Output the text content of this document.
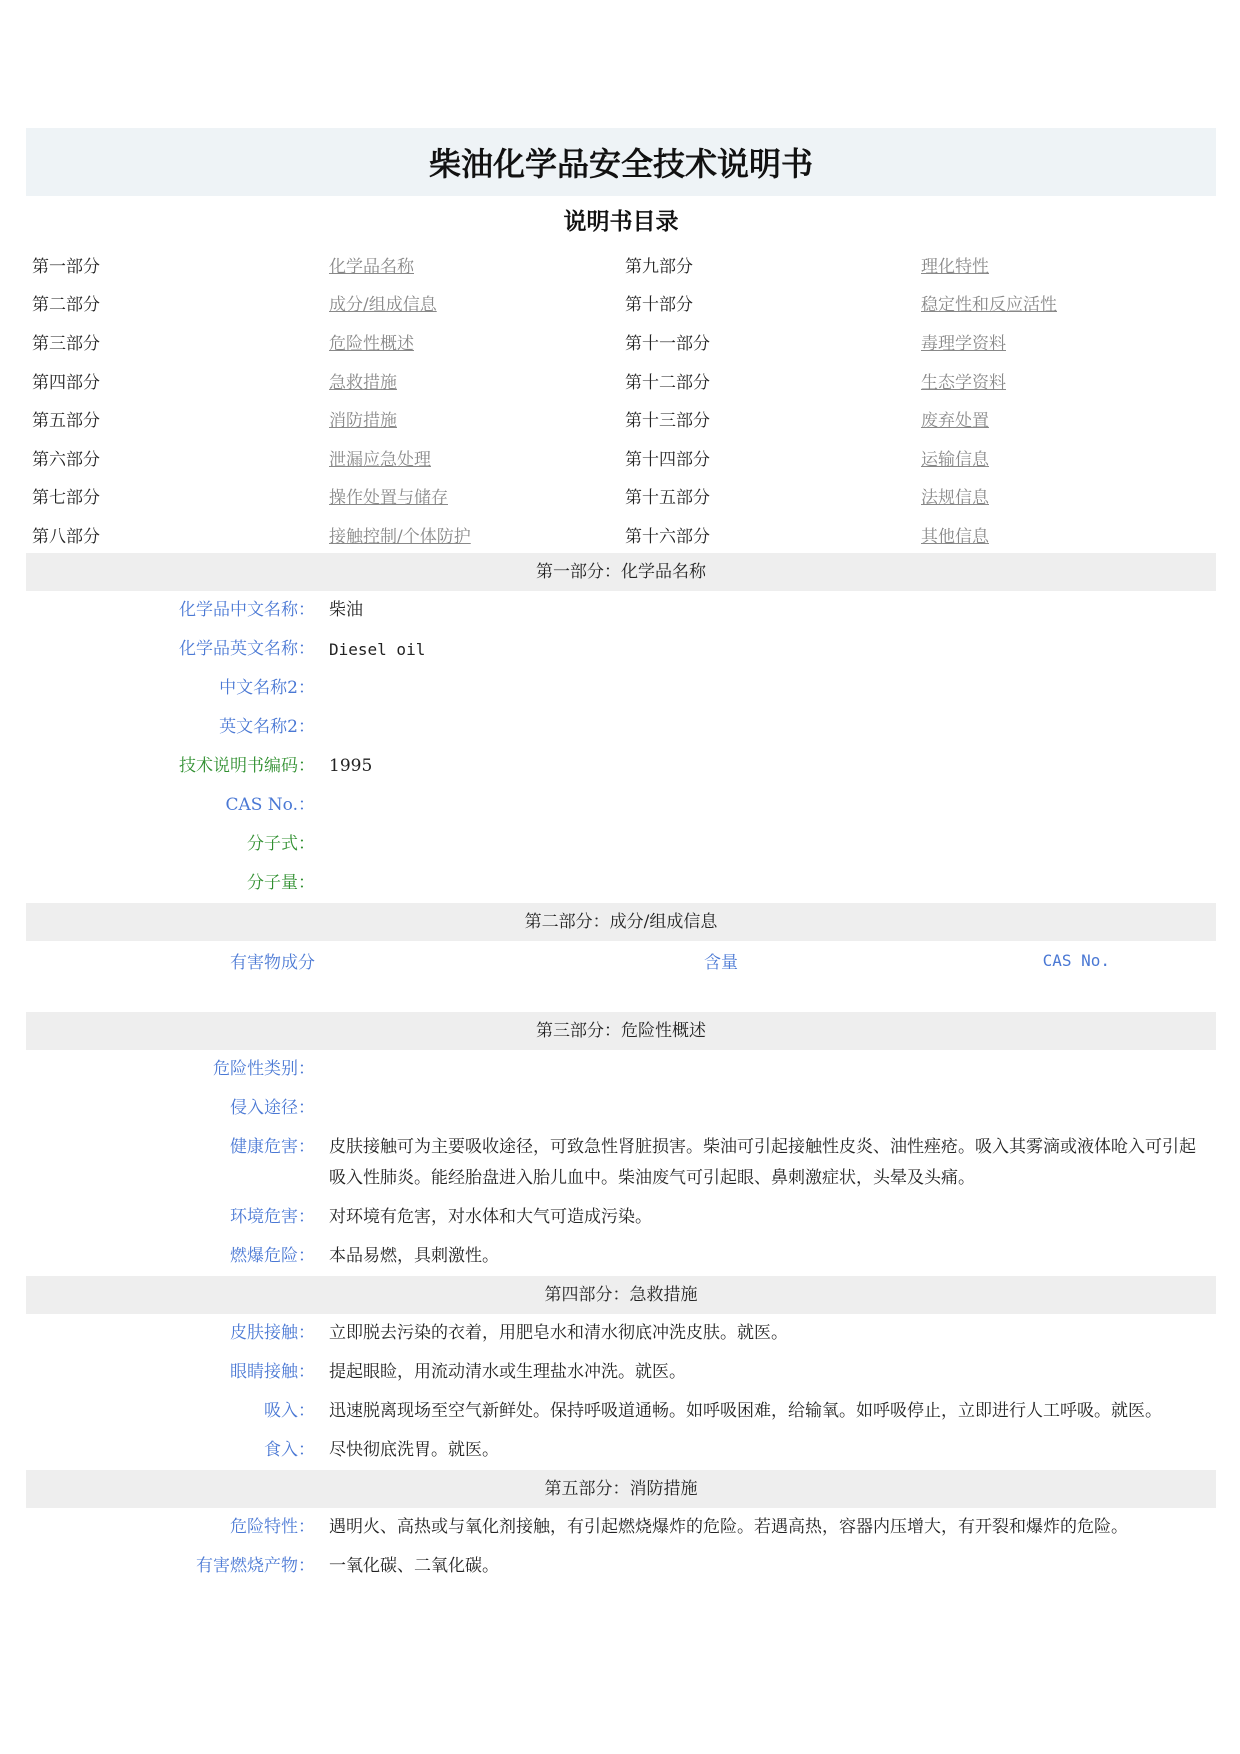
柴油化学品安全技术说明书
说明书目录
第一部分	化学品名称	第九部分	理化特性
第二部分	成分/组成信息	第十部分	稳定性和反应活性
第三部分	危险性概述	第十一部分	毒理学资料
第四部分	急救措施	第十二部分	生态学资料
第五部分	消防措施	第十三部分	废弃处置
第六部分	泄漏应急处理	第十四部分	运输信息
第七部分	操作处置与储存	第十五部分	法规信息
第八部分	接触控制/个体防护	第十六部分	其他信息
第一部分：化学品名称
化学品中文名称： 柴油
化学品英文名称： Diesel oil
中文名称2：
英文名称2：
技术说明书编码： 1995
CAS No.：
分子式：
分子量：
第二部分：成分/组成信息
有害物成分	含量	CAS No.
第三部分：危险性概述
危险性类别：
侵入途径：
健康危害： 皮肤接触可为主要吸收途径，可致急性肾脏损害。柴油可引起接触性皮炎、油性痤疮。吸入其雾滴或液体呛入可引起吸入性肺炎。能经胎盘进入胎儿血中。柴油废气可引起眼、鼻刺激症状，头晕及头痛。
环境危害： 对环境有危害，对水体和大气可造成污染。
燃爆危险： 本品易燃，具刺激性。
第四部分：急救措施
皮肤接触： 立即脱去污染的衣着，用肥皂水和清水彻底冲洗皮肤。就医。
眼睛接触： 提起眼睑，用流动清水或生理盐水冲洗。就医。
吸入： 迅速脱离现场至空气新鲜处。保持呼吸道通畅。如呼吸困难，给输氧。如呼吸停止，立即进行人工呼吸。就医。
食入： 尽快彻底洗胃。就医。
第五部分：消防措施
危险特性： 遇明火、高热或与氧化剂接触，有引起燃烧爆炸的危险。若遇高热，容器内压增大，有开裂和爆炸的危险。
有害燃烧产物： 一氧化碳、二氧化碳。
